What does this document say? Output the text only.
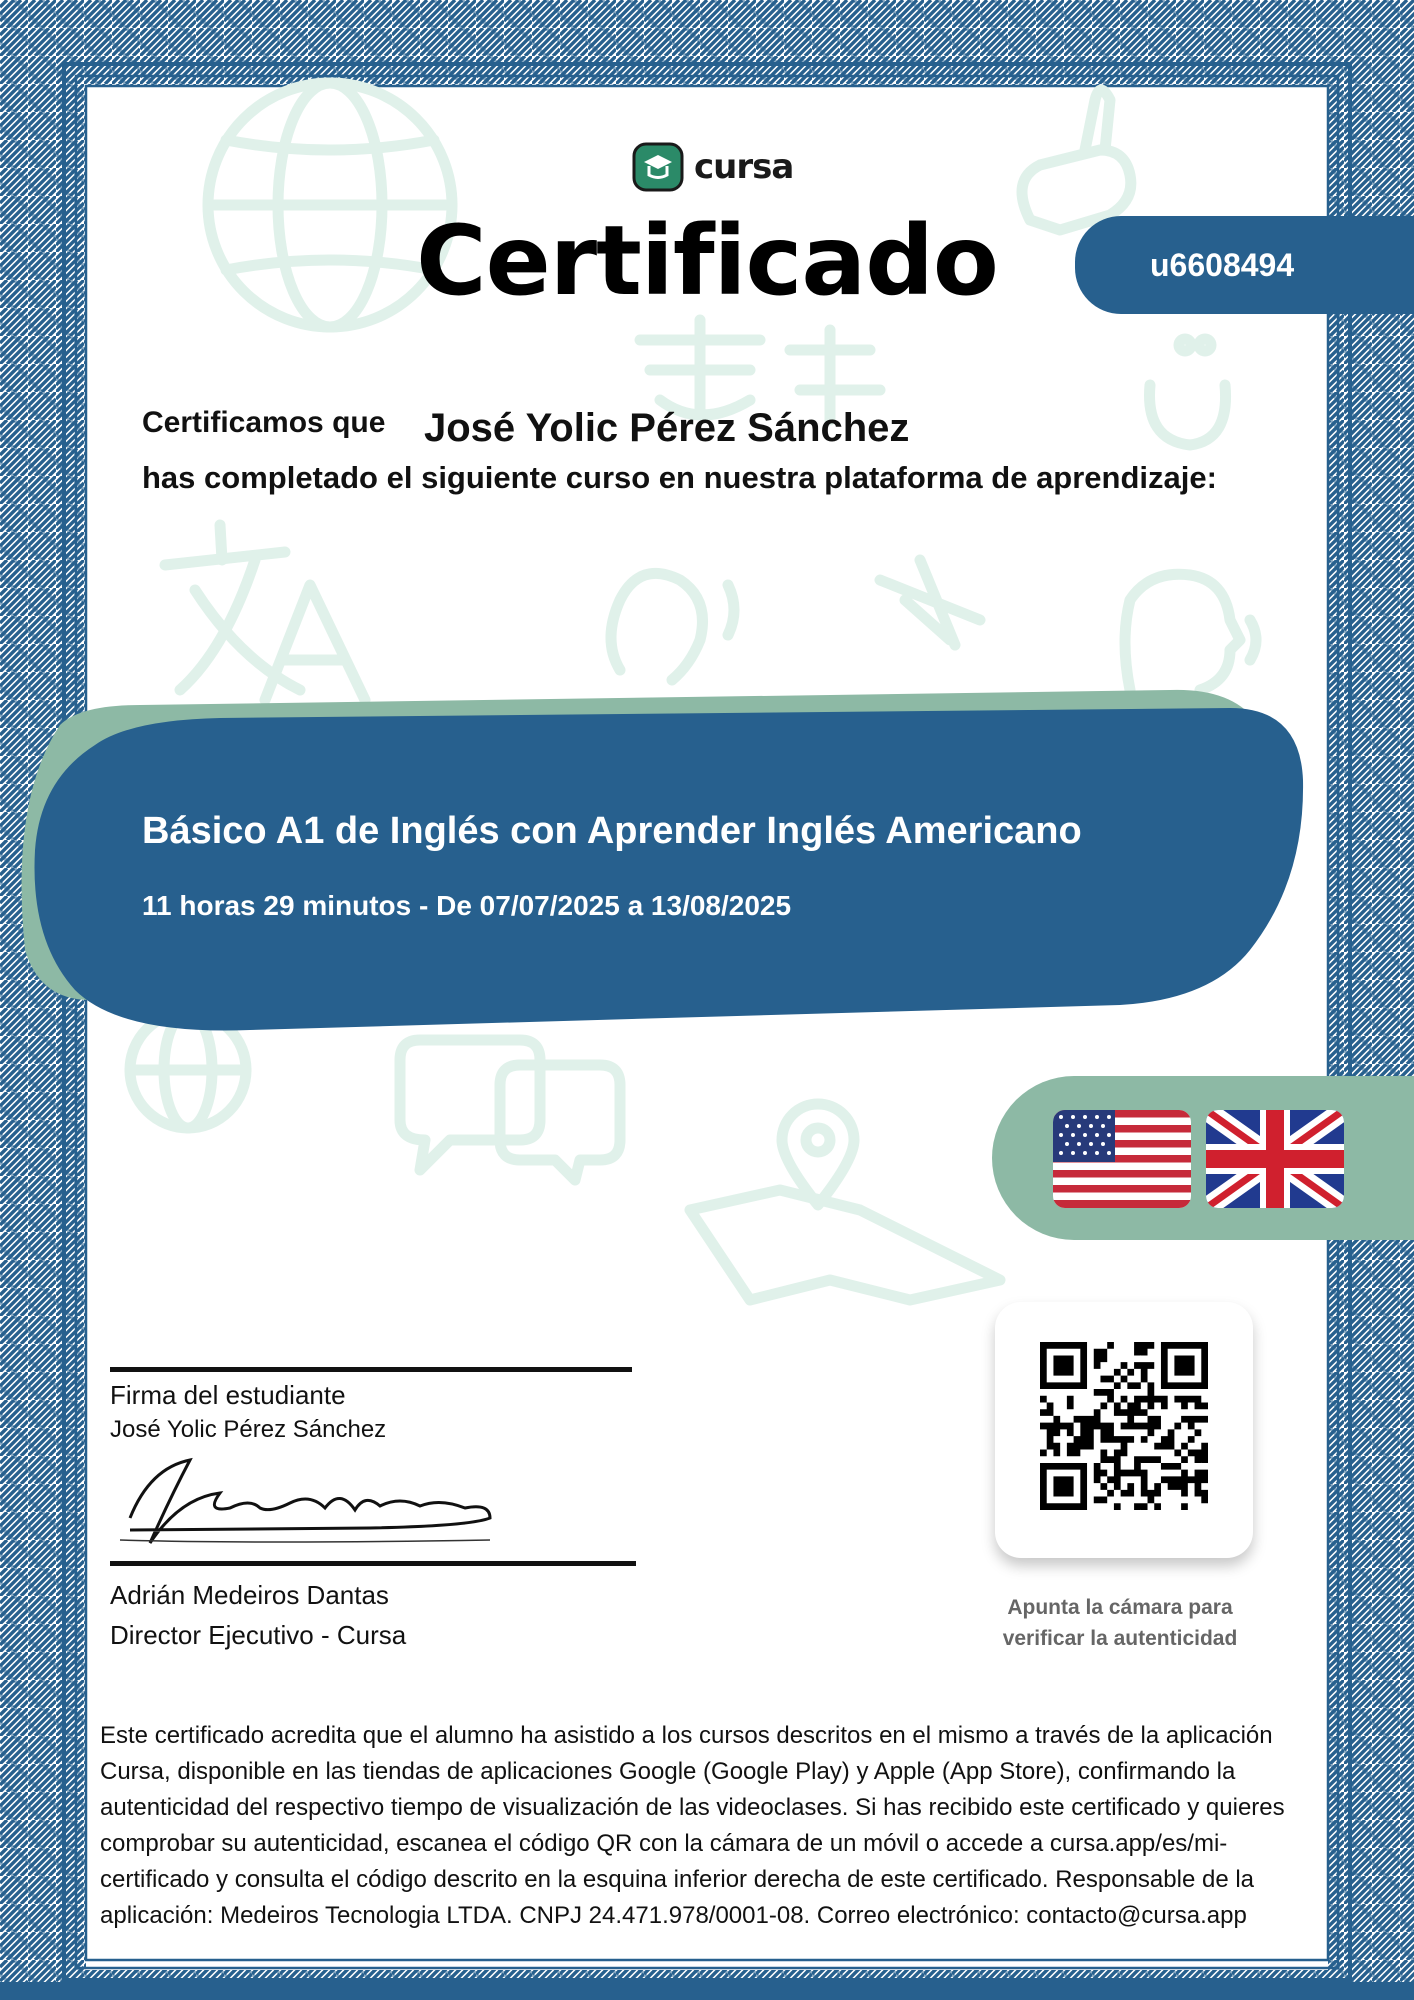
cursa
Certificado	u6608494
Certificamos que José Yolic Pérez Sánchez
has completado el siguiente curso en nuestra plataforma de aprendizaje:
Básico A1 de Inglés con Aprender Inglés Americano
11 horas 29 minutos - De 07/07/2025 a 13/08/2025
Firma del estudiante
José Yolic Pérez Sánchez
Adrián Medeiros Dantas
Director Ejecutivo - Cursa
Apunta la cámara para verificar la autenticidad
Este certificado acredita que el alumno ha asistido a los cursos descritos en el mismo a través de la aplicación Cursa, disponible en las tiendas de aplicaciones Google (Google Play) y Apple (App Store), confirmando la autenticidad del respectivo tiempo de visualización de las videoclases. Si has recibido este certificado y quieres comprobar su autenticidad, escanea el código QR con la cámara de un móvil o accede a cursa.app/es/mi-certificado y consulta el código descrito en la esquina inferior derecha de este certificado. Responsable de la aplicación: Medeiros Tecnologia LTDA. CNPJ 24.471.978/0001-08. Correo electrónico: contacto@cursa.app
